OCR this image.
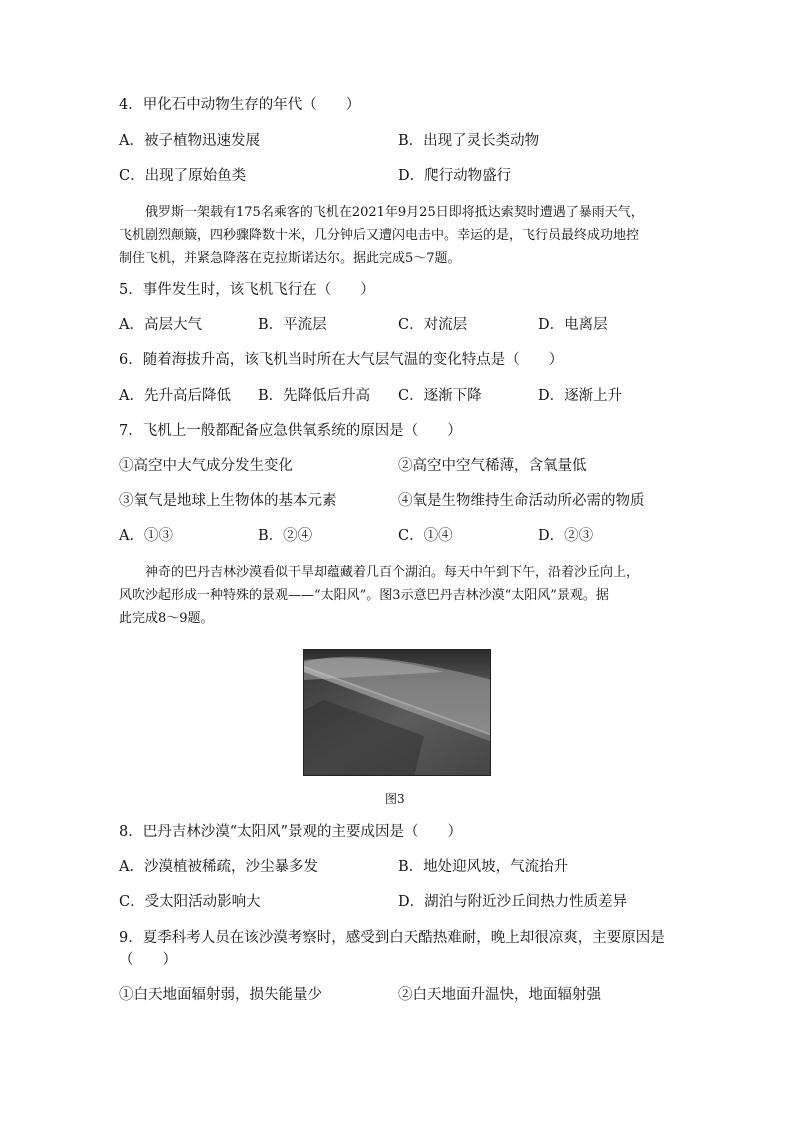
4．甲化石中动物生存的年代（　　）
A．被子植物迅速发展	B．出现了灵长类动物
C．出现了原始鱼类	D．爬行动物盛行
俄罗斯一架载有175名乘客的飞机在2021年9月25日即将抵达索契时遭遇了暴雨天气，
飞机剧烈颠簸，四秒骤降数十米，几分钟后又遭闪电击中。幸运的是，飞行员最终成功地控
制住飞机，并紧急降落在克拉斯诺达尔。据此完成5～7题。
5．事件发生时，该飞机飞行在（　　）
A．高层大气	B．平流层	C．对流层	D．电离层
6．随着海拔升高，该飞机当时所在大气层气温的变化特点是（　　）
A．先升高后降低 B．先降低后升高 C．逐渐下降	D．逐渐上升
7．飞机上一般都配备应急供氧系统的原因是（　　）
①高空中大气成分发生变化	②高空中空气稀薄，含氧量低
③氧气是地球上生物体的基本元素	④氧是生物维持生命活动所必需的物质
A．①③	B．②④	C．①④	D．②③
神奇的巴丹吉林沙漠看似干旱却蕴藏着几百个湖泊。每天中午到下午，沿着沙丘向上，
风吹沙起形成一种特殊的景观——“太阳风”。图3示意巴丹吉林沙漠“太阳风”景观。据
此完成8～9题。
图3
8．巴丹吉林沙漠“太阳风”景观的主要成因是（　　）
A．沙漠植被稀疏，沙尘暴多发	B．地处迎风坡，气流抬升
C．受太阳活动影响大	D．湖泊与附近沙丘间热力性质差异
9．夏季科考人员在该沙漠考察时，感受到白天酷热难耐，晚上却很凉爽，主要原因是
（　　）
①白天地面辐射弱，损失能量少	②白天地面升温快，地面辐射强
